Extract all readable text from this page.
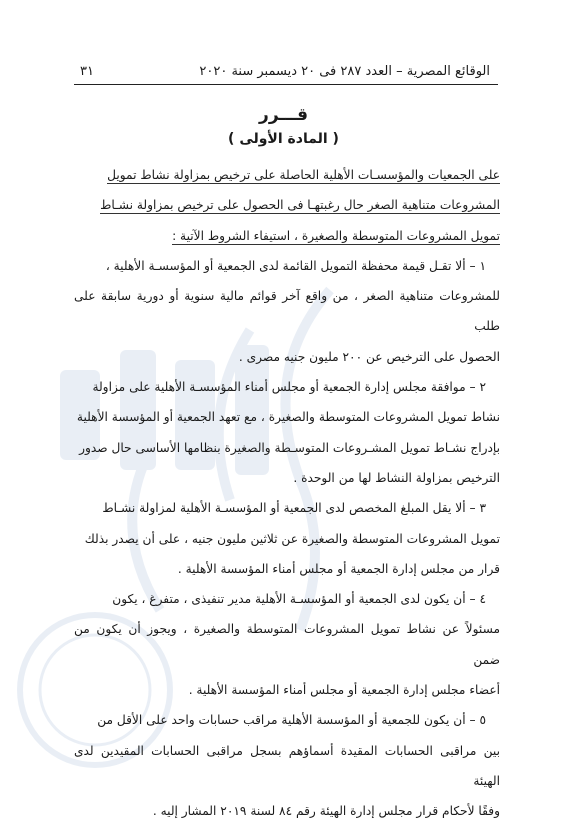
الوقائع المصرية – العدد ٢٨٧ فى ٢٠ ديسمبر سنة ٢٠٢٠
٣١
قـــرر
( المادة الأولى )

على الجمعيات والمؤسسـات الأهلية الحاصلة على ترخيص بمزاولة نشاط تمويل
المشروعات متناهية الصغر حال رغبتهـا فى الحصول على ترخيص بمزاولة نشـاط
تمويل المشروعات المتوسطة والصغيرة ، استيفاء الشروط الآتية :

١ – ألا تقـل قيمة محفظة التمويل القائمة لدى الجمعية أو المؤسسـة الأهلية ،
للمشروعات متناهية الصغر ، من واقع آخر قوائم مالية سنوية أو دورية سابقة على طلب
الحصول على الترخيص عن ٢٠٠ مليون جنيه مصرى .

٢ – موافقة مجلس إدارة الجمعية أو مجلس أمناء المؤسسـة الأهلية على مزاولة
نشاط تمويل المشروعات المتوسطة والصغيرة ، مع تعهد الجمعية أو المؤسسة الأهلية
بإدراج نشـاط تمويل المشـروعات المتوسـطة والصغيرة بنظامها الأساسى حال صدور
الترخيص بمزاولة النشاط لها من الوحدة .

٣ – ألا يقل المبلغ المخصص لدى الجمعية أو المؤسسـة الأهلية لمزاولة نشـاط
تمويل المشروعات المتوسطة والصغيرة عن ثلاثين مليون جنيه ، على أن يصدر بذلك
قرار من مجلس إدارة الجمعية أو مجلس أمناء المؤسسة الأهلية .

٤ – أن يكون لدى الجمعية أو المؤسسـة الأهلية مدير تنفيذى ، متفرغ ، يكون
مسئولاً عن نشاط تمويل المشروعات المتوسطة والصغيرة ، ويجوز أن يكون من ضمن
أعضاء مجلس إدارة الجمعية أو مجلس أمناء المؤسسة الأهلية .

٥ – أن يكون للجمعية أو المؤسسة الأهلية مراقب حسابات واحد على الأقل من
بين مراقبى الحسابات المقيدة أسماؤهم بسجل مراقبى الحسابات المقيدين لدى الهيئة
وفقًا لأحكام قرار مجلس إدارة الهيئة رقم ٨٤ لسنة ٢٠١٩ المشار إليه .
